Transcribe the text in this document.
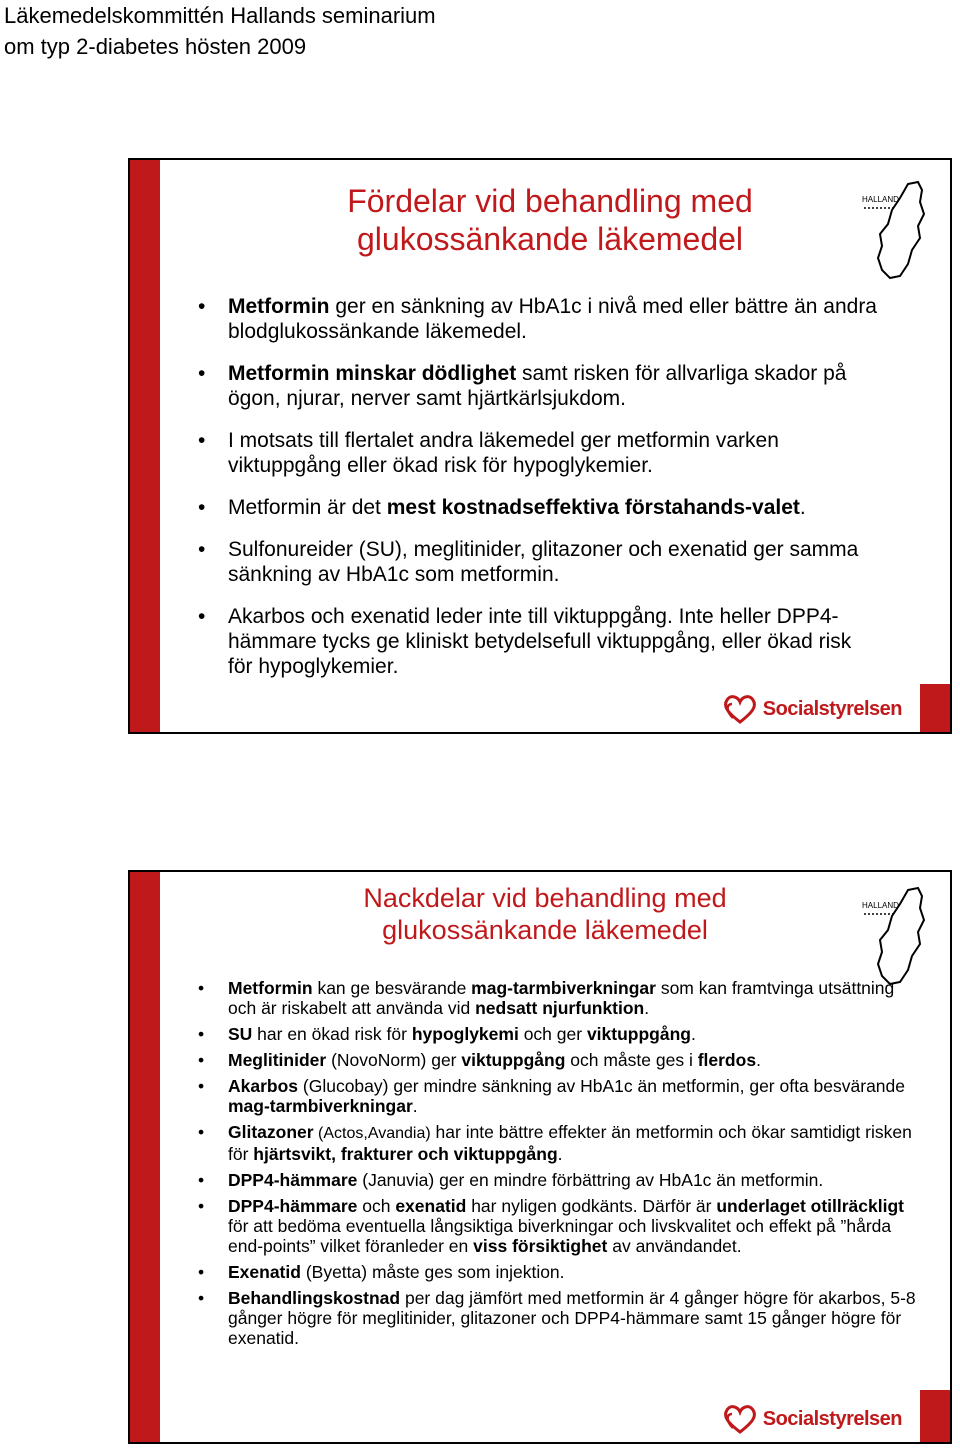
Läkemedelskommittén Hallands seminarium
om typ 2-diabetes hösten 2009
Fördelar vid behandling med
glukossänkande läkemedel
HALLAND
• Metformin ger en sänkning av HbA1c i nivå med eller bättre än andra blodglukossänkande läkemedel.
• Metformin minskar dödlighet samt risken för allvarliga skador på ögon, njurar, nerver samt hjärtkärlsjukdom.
• I motsats till flertalet andra läkemedel ger metformin varken viktuppgång eller ökad risk för hypoglykemier.
• Metformin är det mest kostnadseffektiva förstahands-valet.
• Sulfonureider (SU), meglitinider, glitazoner och exenatid ger samma sänkning av HbA1c som metformin.
• Akarbos och exenatid leder inte till viktuppgång. Inte heller DPP4-hämmare tycks ge kliniskt betydelsefull viktuppgång, eller ökad risk för hypoglykemier.
Socialstyrelsen
Nackdelar vid behandling med
glukossänkande läkemedel
HALLAND
• Metformin kan ge besvärande mag-tarmbiverkningar som kan framtvinga utsättning och är riskabelt att använda vid nedsatt njurfunktion.
• SU har en ökad risk för hypoglykemi och ger viktuppgång.
• Meglitinider (NovoNorm) ger viktuppgång och måste ges i flerdos.
• Akarbos (Glucobay) ger mindre sänkning av HbA1c än metformin, ger ofta besvärande mag-tarmbiverkningar.
• Glitazoner (Actos,Avandia) har inte bättre effekter än metformin och ökar samtidigt risken för hjärtsvikt, frakturer och viktuppgång.
• DPP4-hämmare (Januvia) ger en mindre förbättring av HbA1c än metformin.
• DPP4-hämmare och exenatid har nyligen godkänts. Därför är underlaget otillräckligt för att bedöma eventuella långsiktiga biverkningar och livskvalitet och effekt på ”hårda end-points” vilket föranleder en viss försiktighet av användandet.
• Exenatid (Byetta) måste ges som injektion.
• Behandlingskostnad per dag jämfört med metformin är 4 gånger högre för akarbos, 5-8 gånger högre för meglitinider, glitazoner och DPP4-hämmare samt 15 gånger högre för exenatid.
Socialstyrelsen
